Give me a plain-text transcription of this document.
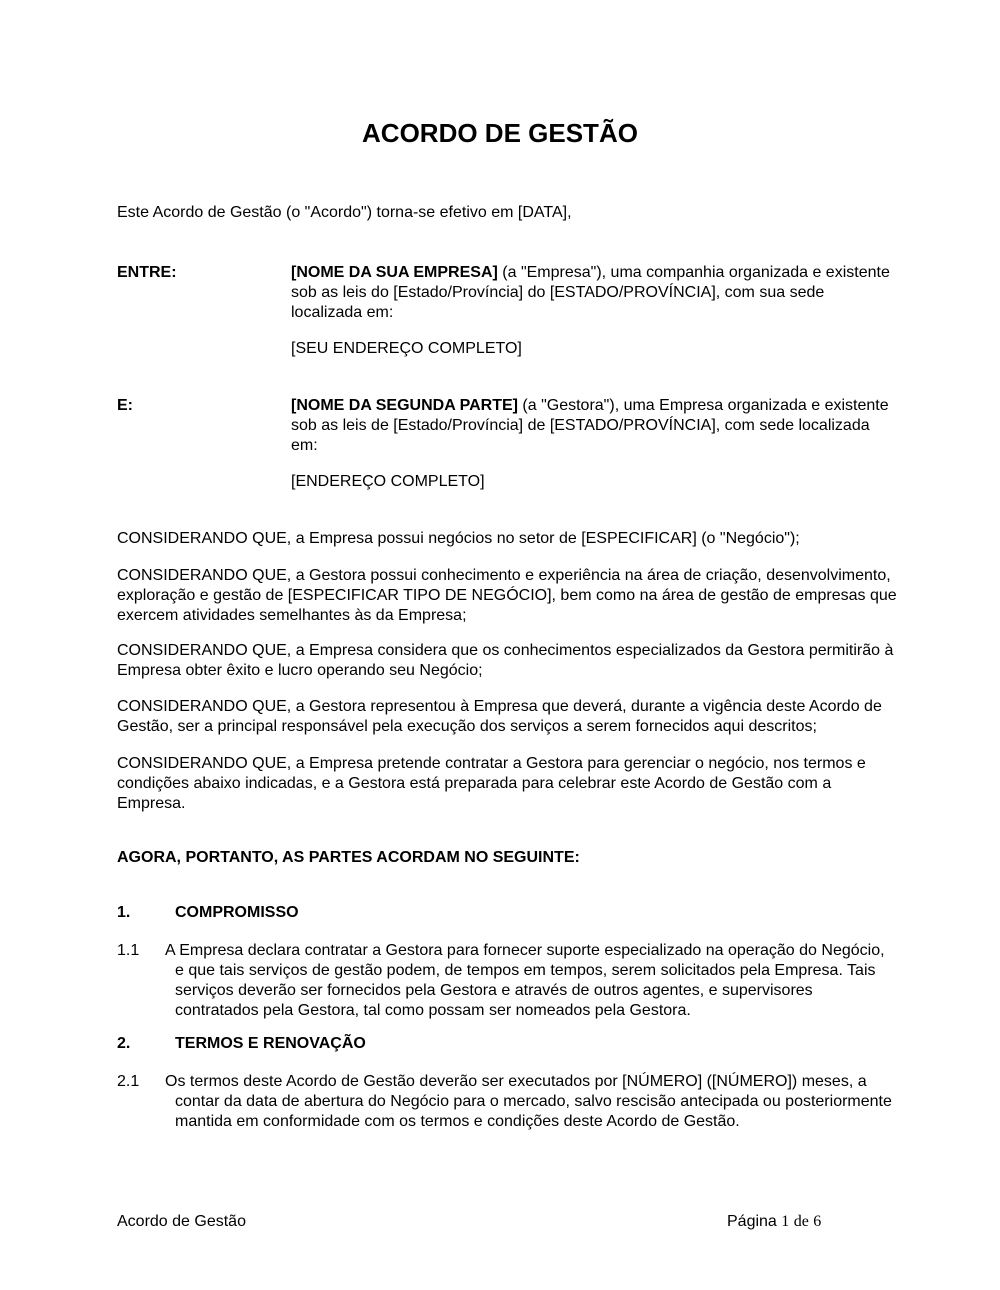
ACORDO DE GESTÃO
Este Acordo de Gestão (o "Acordo") torna-se efetivo em [DATA],
ENTRE:	[NOME DA SUA EMPRESA] (a "Empresa"), uma companhia organizada e existente sob as leis do [Estado/Província] do [ESTADO/PROVÍNCIA], com sua sede localizada em:
[SEU ENDEREÇO COMPLETO]
E:	[NOME DA SEGUNDA PARTE] (a "Gestora"), uma Empresa organizada e existente sob as leis de [Estado/Província] de [ESTADO/PROVÍNCIA], com sede localizada em:
[ENDEREÇO COMPLETO]
CONSIDERANDO QUE, a Empresa possui negócios no setor de [ESPECIFICAR] (o "Negócio");
CONSIDERANDO QUE, a Gestora possui conhecimento e experiência na área de criação, desenvolvimento, exploração e gestão de [ESPECIFICAR TIPO DE NEGÓCIO], bem como na área de gestão de empresas que exercem atividades semelhantes às da Empresa;
CONSIDERANDO QUE, a Empresa considera que os conhecimentos especializados da Gestora permitirão à Empresa obter êxito e lucro operando seu Negócio;
CONSIDERANDO QUE, a Gestora representou à Empresa que deverá, durante a vigência deste Acordo de Gestão, ser a principal responsável pela execução dos serviços a serem fornecidos aqui descritos;
CONSIDERANDO QUE, a Empresa pretende contratar a Gestora para gerenciar o negócio, nos termos e condições abaixo indicadas, e a Gestora está preparada para celebrar este Acordo de Gestão com a Empresa.
AGORA, PORTANTO, AS PARTES ACORDAM NO SEGUINTE:
1.	COMPROMISSO
1.1 A Empresa declara contratar a Gestora para fornecer suporte especializado na operação do Negócio, e que tais serviços de gestão podem, de tempos em tempos, serem solicitados pela Empresa. Tais serviços deverão ser fornecidos pela Gestora e através de outros agentes, e supervisores contratados pela Gestora, tal como possam ser nomeados pela Gestora.
2.	TERMOS E RENOVAÇÃO
2.1 Os termos deste Acordo de Gestão deverão ser executados por [NÚMERO] ([NÚMERO]) meses, a contar da data de abertura do Negócio para o mercado, salvo rescisão antecipada ou posteriormente mantida em conformidade com os termos e condições deste Acordo de Gestão.
Acordo de Gestão	Página 1 de 6
